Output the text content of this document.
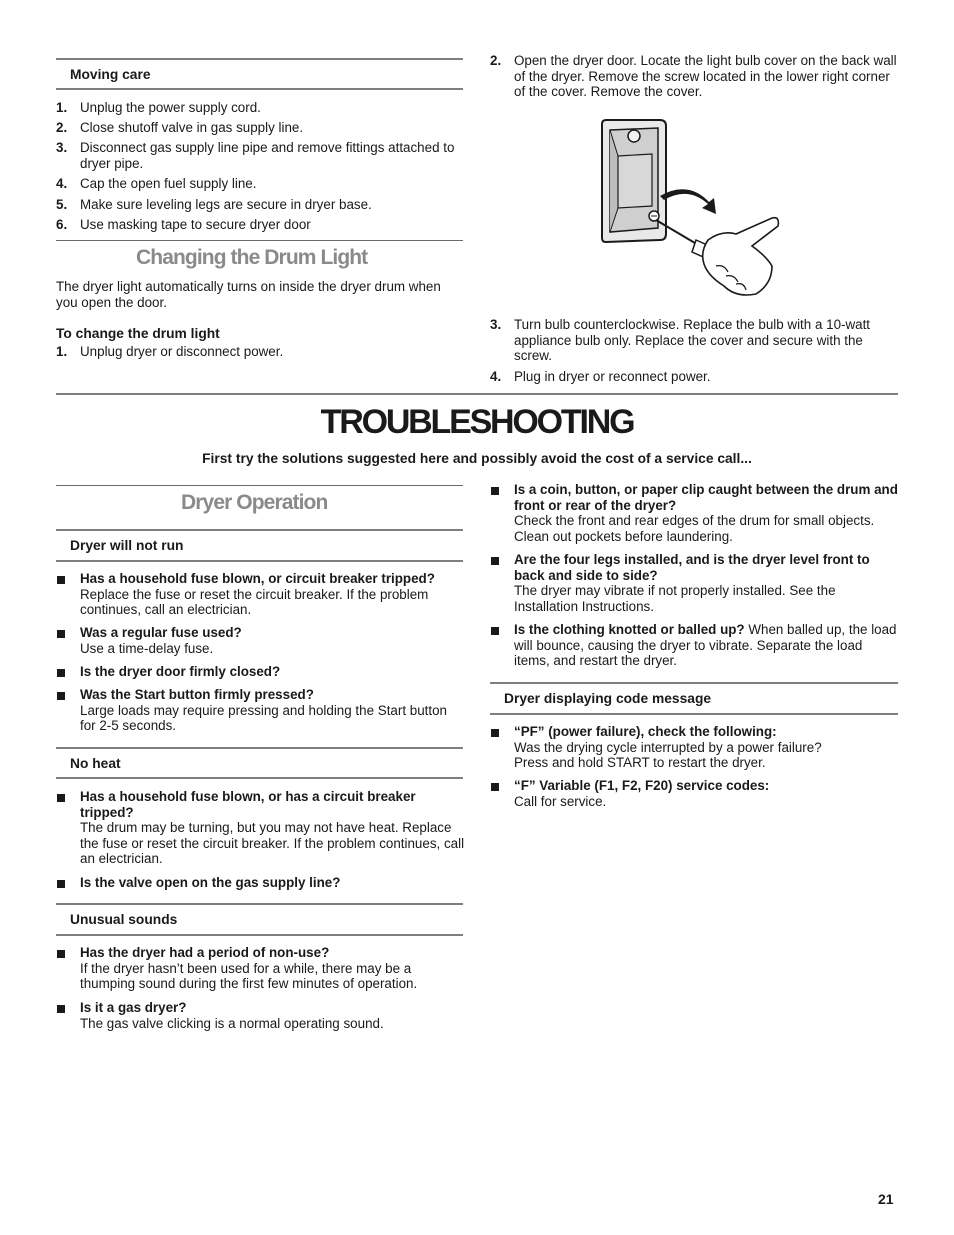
Moving care
1. Unplug the power supply cord.
2. Close shutoff valve in gas supply line.
3. Disconnect gas supply line pipe and remove fittings attached to dryer pipe.
4. Cap the open fuel supply line.
5. Make sure leveling legs are secure in dryer base.
6. Use masking tape to secure dryer door
Changing the Drum Light
The dryer light automatically turns on inside the dryer drum when you open the door.
To change the drum light
1. Unplug dryer or disconnect power.
2. Open the dryer door. Locate the light bulb cover on the back wall of the dryer. Remove the screw located in the lower right corner of the cover. Remove the cover.
3. Turn bulb counterclockwise. Replace the bulb with a 10-watt appliance bulb only. Replace the cover and secure with the screw.
4. Plug in dryer or reconnect power.
TROUBLESHOOTING
First try the solutions suggested here and possibly avoid the cost of a service call...
Dryer Operation
Dryer will not run
Has a household fuse blown, or circuit breaker tripped?
Replace the fuse or reset the circuit breaker. If the problem continues, call an electrician.
Was a regular fuse used?
Use a time-delay fuse.
Is the dryer door firmly closed?
Was the Start button firmly pressed?
Large loads may require pressing and holding the Start button for 2-5 seconds.
No heat
Has a household fuse blown, or has a circuit breaker tripped?
The drum may be turning, but you may not have heat. Replace the fuse or reset the circuit breaker. If the problem continues, call an electrician.
Is the valve open on the gas supply line?
Unusual sounds
Has the dryer had a period of non-use?
If the dryer hasn’t been used for a while, there may be a thumping sound during the first few minutes of operation.
Is it a gas dryer?
The gas valve clicking is a normal operating sound.
Is a coin, button, or paper clip caught between the drum and front or rear of the dryer?
Check the front and rear edges of the drum for small objects. Clean out pockets before laundering.
Are the four legs installed, and is the dryer level front to back and side to side?
The dryer may vibrate if not properly installed. See the Installation Instructions.
Is the clothing knotted or balled up? When balled up, the load will bounce, causing the dryer to vibrate. Separate the load items, and restart the dryer.
Dryer displaying code message
“PF” (power failure), check the following:
Was the drying cycle interrupted by a power failure? Press and hold START to restart the dryer.
“F” Variable (F1, F2, F20) service codes:
Call for service.
21
